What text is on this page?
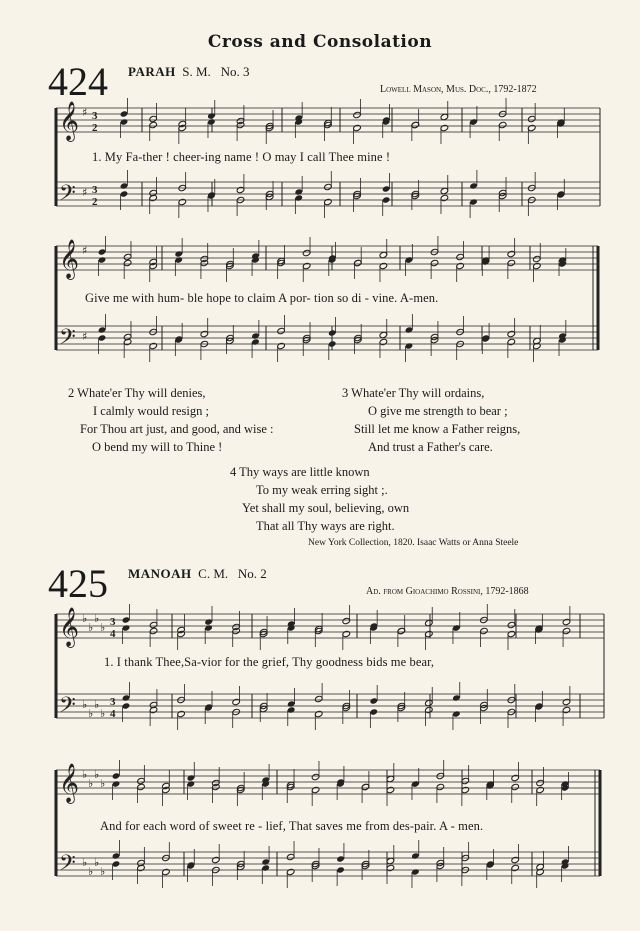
Cross and Consolation
424 PARAH S. M. No. 3
Lowell Mason, Mus. Doc., 1792-1872
𝄞
𝄢
♯
♯
3
2
3
2
1. My Fa-ther ! cheer-ing name ! O may I call Thee mine !
𝄞
𝄢
♯
♯
Give me with hum- ble hope to claim A por- tion so di - vine. A-men.
2 Whate'er Thy will denies,
I calmly would resign ;
For Thou art just, and good, and wise :
O bend my will to Thine !
3 Whate'er Thy will ordains,
O give me strength to bear ;
Still let me know a Father reigns,
And trust a Father's care.
4 Thy ways are little known
To my weak erring sight ;.
Yet shall my soul, believing, own
That all Thy ways are right.
New York Collection, 1820. Isaac Watts or Anna Steele
425 MANOAH C. M. No. 2
Ad. from Gioachimo Rossini, 1792-1868
𝄞
𝄢
♭
♭
♭
♭
♭
♭
♭
♭
3
4
3
4
1. I thank Thee,Sa-vior for the grief, Thy goodness bids me bear,
𝄞
𝄢
♭
♭
♭
♭
♭
♭
♭
♭
And for each word of sweet re - lief, That saves me from des-pair. A - men.
